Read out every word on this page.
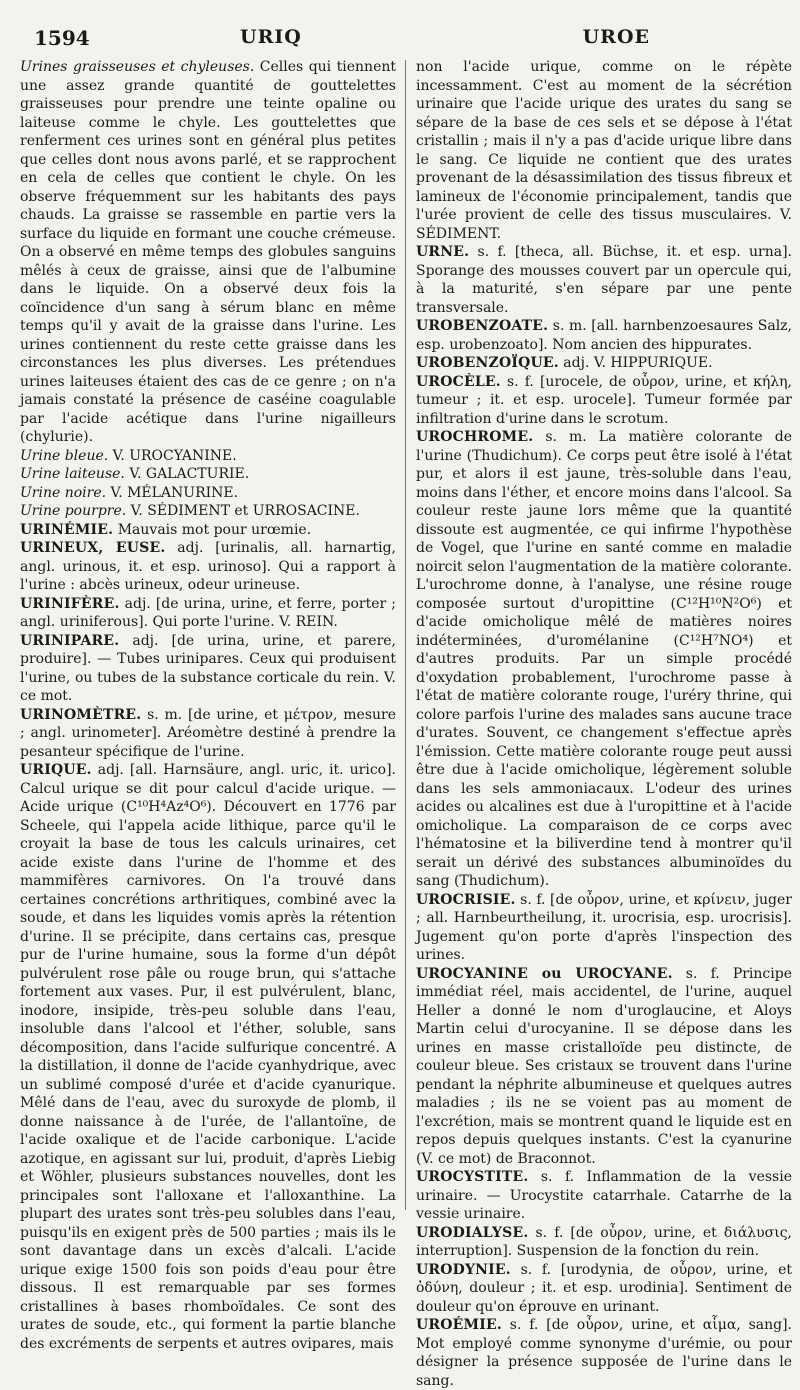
1594	URIQ	UROE

Urines graisseuses et chyleuses. Celles qui tiennent une assez grande quantité de gouttelettes graisseuses pour prendre une teinte opaline ou laiteuse comme le chyle. Les gouttelettes que renferment ces urines sont en général plus petites que celles dont nous avons parlé, et se rapprochent en cela de celles que contient le chyle. On les observe fréquemment sur les habitants des pays chauds. La graisse se rassemble en partie vers la surface du liquide en formant une couche crémeuse. On a observé en même temps des globules sanguins mêlés à ceux de graisse, ainsi que de l'albumine dans le liquide. On a observé deux fois la coïncidence d'un sang à sérum blanc en même temps qu'il y avait de la graisse dans l'urine. Les urines contiennent du reste cette graisse dans les circonstances les plus diverses. Les prétendues urines laiteuses étaient des cas de ce genre ; on n'a jamais constaté la présence de caséine coagulable par l'acide acétique dans l'urine nigailleurs (chylurie).

Urine bleue. V. UROCYANINE.

Urine laiteuse. V. GALACTURIE.

Urine noire. V. MÉLANURINE.

Urine pourpre. V. SÉDIMENT et URROSACINE.

URINÉMIE. Mauvais mot pour urœmie.

URINEUX, EUSE. adj. [urinalis, all. harnartig, angl. urinous, it. et esp. urinoso]. Qui a rapport à l'urine : abcès urineux, odeur urineuse.

URINIFÈRE. adj. [de urina, urine, et ferre, porter ; angl. uriniferous]. Qui porte l'urine. V. REIN.

URINIPARE. adj. [de urina, urine, et parere, produire]. — Tubes urinipares. Ceux qui produisent l'urine, ou tubes de la substance corticale du rein. V. ce mot.

URINOMÈTRE. s. m. [de urine, et μέτρον, mesure ; angl. urinometer]. Aréomètre destiné à prendre la pesanteur spécifique de l'urine.

URIQUE. adj. [all. Harnsäure, angl. uric, it. urico]. Calcul urique se dit pour calcul d'acide urique. — Acide urique (C¹⁰H⁴Az⁴O⁶). Découvert en 1776 par Scheele, qui l'appela acide lithique, parce qu'il le croyait la base de tous les calculs urinaires, cet acide existe dans l'urine de l'homme et des mammifères carnivores. On l'a trouvé dans certaines concrétions arthritiques, combiné avec la soude, et dans les liquides vomis après la rétention d'urine. Il se précipite, dans certains cas, presque pur de l'urine humaine, sous la forme d'un dépôt pulvérulent rose pâle ou rouge brun, qui s'attache fortement aux vases. Pur, il est pulvérulent, blanc, inodore, insipide, très-peu soluble dans l'eau, insoluble dans l'alcool et l'éther, soluble, sans décomposition, dans l'acide sulfurique concentré. A la distillation, il donne de l'acide cyanhydrique, avec un sublimé composé d'urée et d'acide cyanurique. Mêlé dans de l'eau, avec du suroxyde de plomb, il donne naissance à de l'urée, de l'allantoïne, de l'acide oxalique et de l'acide carbonique. L'acide azotique, en agissant sur lui, produit, d'après Liebig et Wöhler, plusieurs substances nouvelles, dont les principales sont l'alloxane et l'alloxanthine. La plupart des urates sont très-peu solubles dans l'eau, puisqu'ils en exigent près de 500 parties ; mais ils le sont davantage dans un excès d'alcali. L'acide urique exige 1500 fois son poids d'eau pour être dissous. Il est remarquable par ses formes cristallines à bases rhomboïdales. Ce sont des urates de soude, etc., qui forment la partie blanche des excréments de serpents et autres ovipares, mais

non l'acide urique, comme on le répète incessamment. C'est au moment de la sécrétion urinaire que l'acide urique des urates du sang se sépare de la base de ces sels et se dépose à l'état cristallin ; mais il n'y a pas d'acide urique libre dans le sang. Ce liquide ne contient que des urates provenant de la désassimilation des tissus fibreux et lamineux de l'économie principalement, tandis que l'urée provient de celle des tissus musculaires. V. SÉDIMENT.

URNE. s. f. [theca, all. Büchse, it. et esp. urna]. Sporange des mousses couvert par un opercule qui, à la maturité, s'en sépare par une pente transversale.

UROBENZOATE. s. m. [all. harnbenzoesaures Salz, esp. urobenzoato]. Nom ancien des hippurates.

UROBENZOÏQUE. adj. V. HIPPURIQUE.

UROCÈLE. s. f. [urocele, de οὖρον, urine, et κήλη, tumeur ; it. et esp. urocele]. Tumeur formée par infiltration d'urine dans le scrotum.

UROCHROME. s. m. La matière colorante de l'urine (Thudichum). Ce corps peut être isolé à l'état pur, et alors il est jaune, très-soluble dans l'eau, moins dans l'éther, et encore moins dans l'alcool. Sa couleur reste jaune lors même que la quantité dissoute est augmentée, ce qui infirme l'hypothèse de Vogel, que l'urine en santé comme en maladie noircit selon l'augmentation de la matière colorante. L'urochrome donne, à l'analyse, une résine rouge composée surtout d'uropittine (C¹²H¹⁰N²O⁶) et d'acide omicholique mêlé de matières noires indéterminées, d'uromélanine (C¹²H⁷NO⁴) et d'autres produits. Par un simple procédé d'oxydation probablement, l'urochrome passe à l'état de matière colorante rouge, l'uréry thrine, qui colore parfois l'urine des malades sans aucune trace d'urates. Souvent, ce changement s'effectue après l'émission. Cette matière colorante rouge peut aussi être due à l'acide omicholique, légèrement soluble dans les sels ammoniacaux. L'odeur des urines acides ou alcalines est due à l'uropittine et à l'acide omicholique. La comparaison de ce corps avec l'hématosine et la biliverdine tend à montrer qu'il serait un dérivé des substances albuminoïdes du sang (Thudichum).

UROCRISIE. s. f. [de οὖρον, urine, et κρίνειν, juger ; all. Harnbeurtheilung, it. urocrisia, esp. urocrisis]. Jugement qu'on porte d'après l'inspection des urines.

UROCYANINE ou UROCYANE. s. f. Principe immédiat réel, mais accidentel, de l'urine, auquel Heller a donné le nom d'uroglaucine, et Aloys Martin celui d'urocyanine. Il se dépose dans les urines en masse cristalloïde peu distincte, de couleur bleue. Ses cristaux se trouvent dans l'urine pendant la néphrite albumineuse et quelques autres maladies ; ils ne se voient pas au moment de l'excrétion, mais se montrent quand le liquide est en repos depuis quelques instants. C'est la cyanurine (V. ce mot) de Braconnot.

UROCYSTITE. s. f. Inflammation de la vessie urinaire. — Urocystite catarrhale. Catarrhe de la vessie urinaire.

URODIALYSE. s. f. [de οὖρον, urine, et διάλυσις, interruption]. Suspension de la fonction du rein.

URODYNIE. s. f. [urodynia, de οὖρον, urine, et ὀδύνη, douleur ; it. et esp. urodinia]. Sentiment de douleur qu'on éprouve en urinant.

UROÉMIE. s. f. [de οὖρον, urine, et αἷμα, sang]. Mot employé comme synonyme d'urémie, ou pour désigner la présence supposée de l'urine dans le sang.
